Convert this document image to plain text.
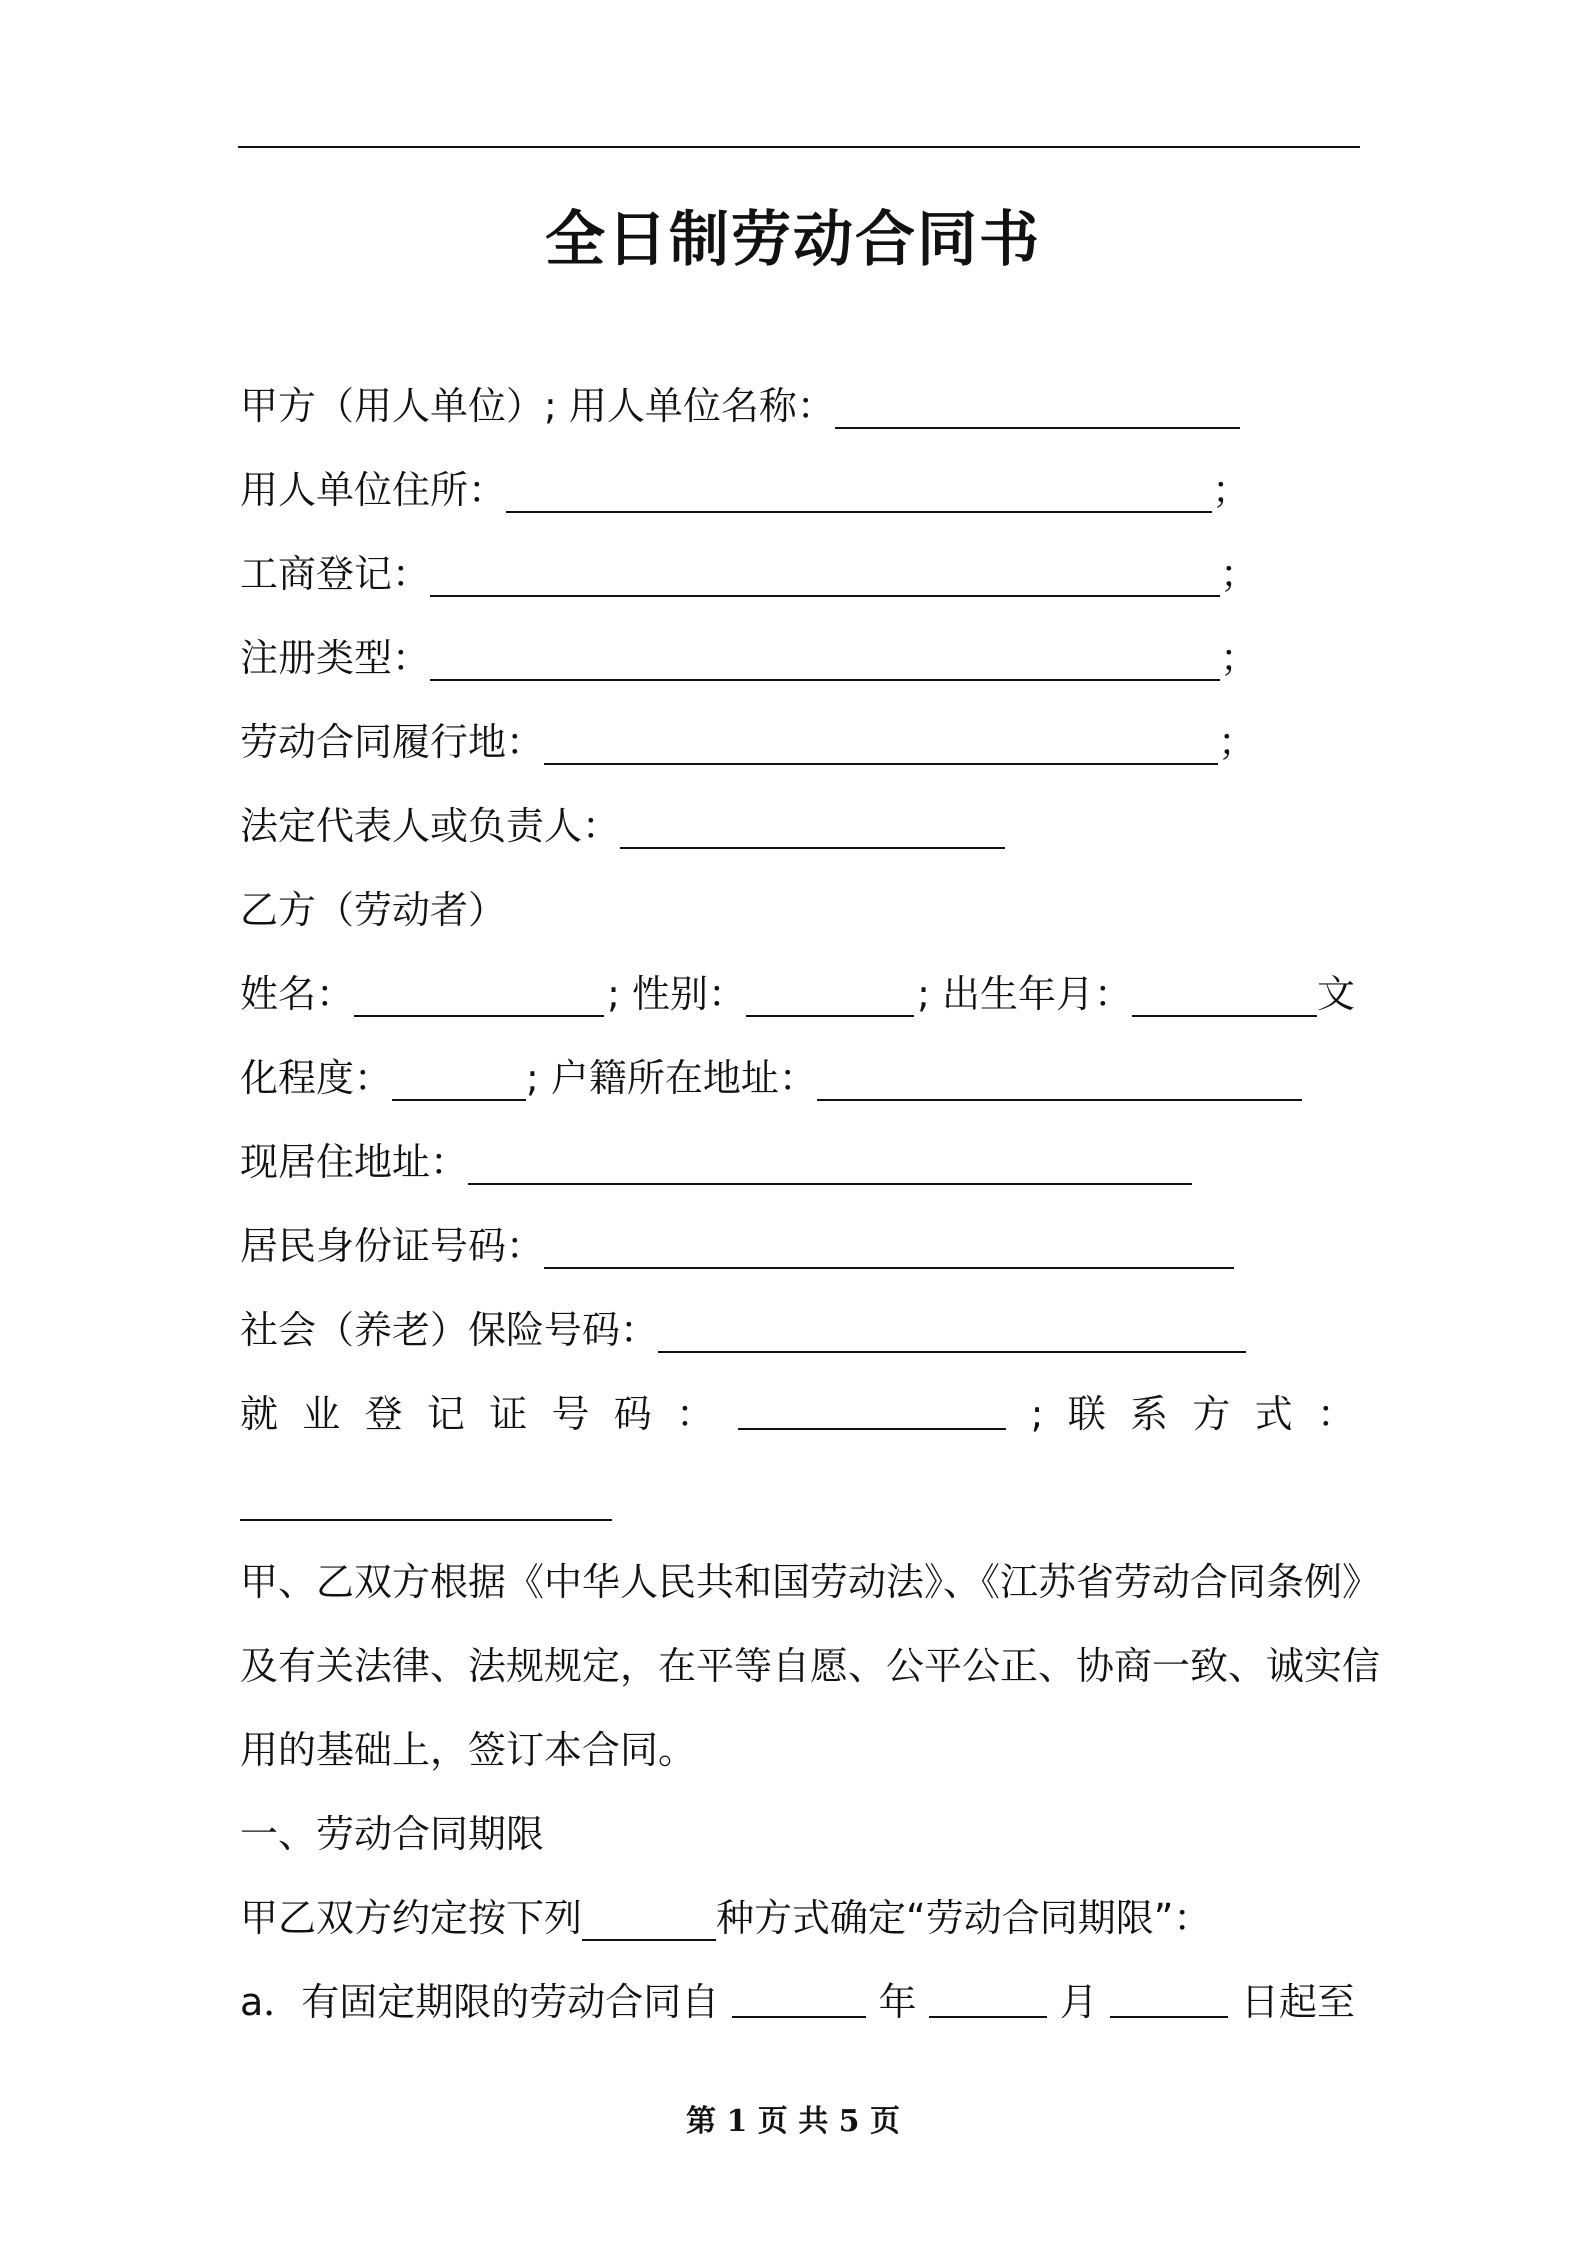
全日制劳动合同书
甲方（用人单位）; 用人单位名称：
用人单位住所：	；
工商登记：	；
注册类型：	；
劳动合同履行地：	；
法定代表人或负责人：
乙方（劳动者）
姓名：	; 性别：	; 出生年月：	文
化程度：	; 户籍所在地址：
现居住地址：
居民身份证号码：
社会（养老）保险号码：
就 业 登 记 证 号 码 ：	; 联 系 方 式 ：
甲、乙双方根据《中华人民共和国劳动法》、《江苏省劳动合同条例》
及有关法律、法规规定，在平等自愿、公平公正、协商一致、诚实信
用的基础上，签订本合同。
一、劳动合同期限
甲乙双方约定按下列	种方式确定“劳动合同期限”：
a．有固定期限的劳动合同自	年	月	日起至
第 1 页 共 5 页
